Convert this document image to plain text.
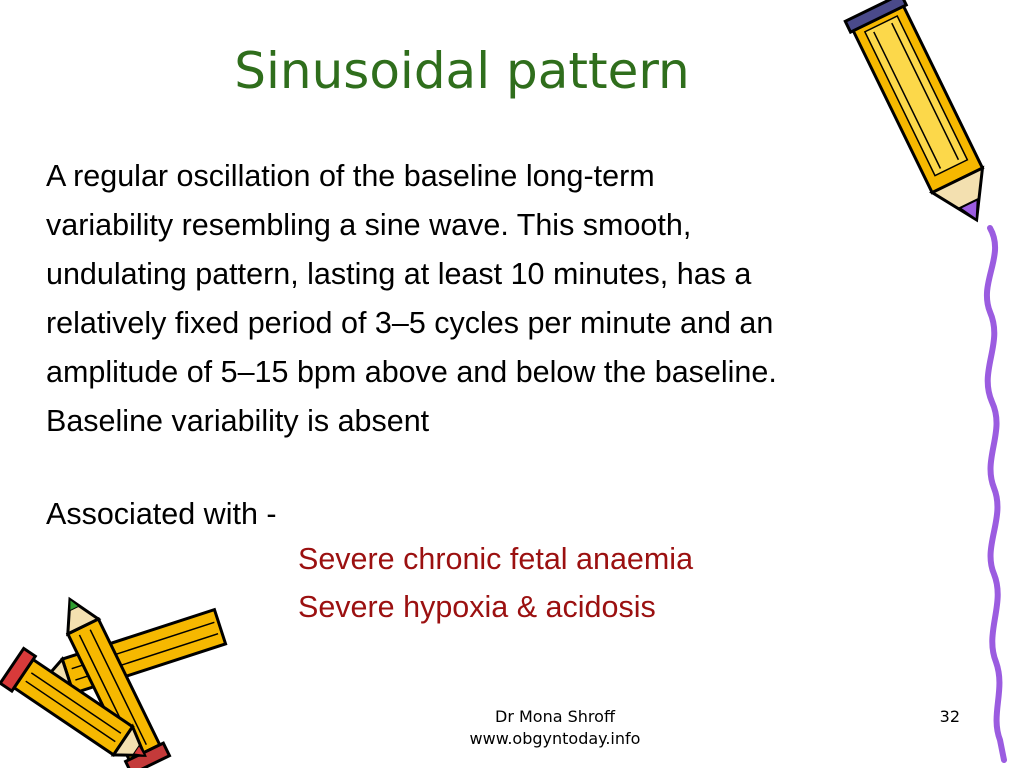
Sinusoidal pattern

A regular oscillation of the baseline long-term

variability resembling a sine wave. This smooth,

undulating pattern, lasting at least 10 minutes, has a

relatively fixed period of 3–5 cycles per minute and an

amplitude of 5–15 bpm above and below the baseline.

Baseline variability is absent

Associated with -
Severe chronic fetal anaemia
Severe hypoxia & acidosis
Dr Mona Shroff
www.obgyntoday.info
32
